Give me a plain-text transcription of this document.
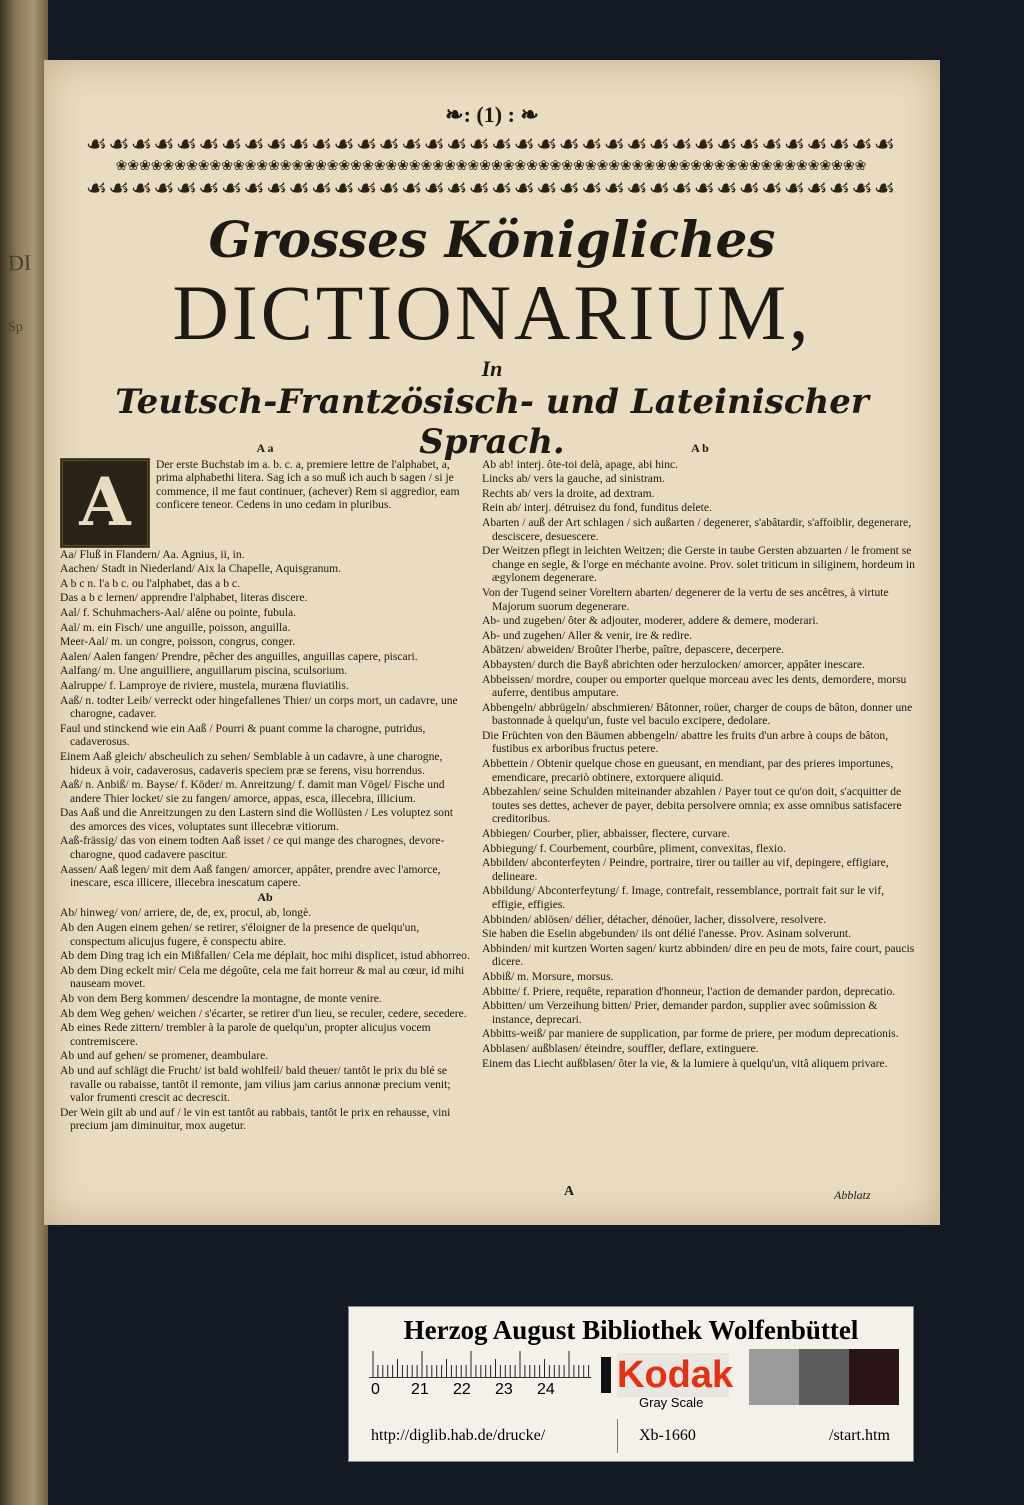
DI
Sp
❧: (1) : ❧
☙☙☙☙☙☙☙☙☙☙☙☙☙☙☙☙☙☙☙☙☙☙☙☙☙☙☙☙☙☙☙☙☙☙☙☙
❀❀❀❀❀❀❀❀❀❀❀❀❀❀❀❀❀❀❀❀❀❀❀❀❀❀❀❀❀❀❀❀❀❀❀❀❀❀❀❀❀❀❀❀❀❀❀❀❀❀❀❀❀❀❀❀❀❀❀❀❀❀❀❀
☙☙☙☙☙☙☙☙☙☙☙☙☙☙☙☙☙☙☙☙☙☙☙☙☙☙☙☙☙☙☙☙☙☙☙☙
Grosses Königliches
DICTIONARIUM,
In
Teutsch-Frantzösisch- und Lateinischer Sprach.
A a
A	Der erste Buchstab im a. b. c. a, premiere lettre de l'alphabet, a, prima alphabethi litera. Sag ich a so muß ich auch b sagen / si je commence, il me faut continuer, (achever) Rem si aggredior, eam conficere teneor. Cedens in uno cedam in pluribus.
Aa/ Fluß in Flandern/ Aa. Agnius, ii, in.
Aachen/ Stadt in Niederland/ Aix la Chapelle, Aquisgranum.
A b c n. l'a b c. ou l'alphabet, das a b c.
Das a b c lernen/ apprendre l'alphabet, literas discere.
Aal/ f. Schuhmachers-Aal/ alêne ou pointe, fubula.
Aal/ m. ein Fisch/ une anguille, poisson, anguilla.
Meer-Aal/ m. un congre, poisson, congrus, conger.
Aalen/ Aalen fangen/ Prendre, pêcher des anguilles, anguillas capere, piscari.
Aalfang/ m. Une anguilliere, anguillarum piscina, sculsorium.
Aalruppe/ f. Lamproye de riviere, mustela, muræna fluviatilis.
Aaß/ n. todter Leib/ verreckt oder hingefallenes Thier/ un corps mort, un cadavre, une charogne, cadaver.
Faul und stinckend wie ein Aaß / Pourri & puant comme la charogne, putridus, cadaverosus.
Einem Aaß gleich/ abscheulich zu sehen/ Semblable à un cadavre, à une charogne, hideux à voir, cadaverosus, cadaveris speciem præ se ferens, visu horrendus.
Aaß/ n. Anbiß/ m. Bayse/ f. Köder/ m. Anreitzung/ f. damit man Vögel/ Fische und andere Thier locket/ sie zu fangen/ amorce, appas, esca, illecebra, illicium.
Das Aaß und die Anreitzungen zu den Lastern sind die Wollüsten / Les voluptez sont des amorces des vices, voluptates sunt illecebræ vitiorum.
Aaß-frässig/ das von einem todten Aaß isset / ce qui mange des charognes, devore-charogne, quod cadavere pascitur.
Aassen/ Aaß legen/ mit dem Aaß fangen/ amorcer, appâter, prendre avec l'amorce, inescare, esca illicere, illecebra inescatum capere.
Ab
Ab/ hinweg/ von/ arriere, de, de, ex, procul, ab, longè.
Ab den Augen einem gehen/ se retirer, s'éloigner de la presence de quelqu'un, conspectum alicujus fugere, è conspectu abire.
Ab dem Ding trag ich ein Mißfallen/ Cela me déplait, hoc mihi displicet, istud abhorreo.
Ab dem Ding eckelt mir/ Cela me dégoûte, cela me fait horreur & mal au cœur, id mihi nauseam movet.
Ab von dem Berg kommen/ descendre la montagne, de monte venire.
Ab dem Weg gehen/ weichen / s'écarter, se retirer d'un lieu, se reculer, cedere, secedere.
Ab eines Rede zittern/ trembler à la parole de quelqu'un, propter alicujus vocem contremiscere.
Ab und auf gehen/ se promener, deambulare.
Ab und auf schlägt die Frucht/ ist bald wohlfeil/ bald theuer/ tantôt le prix du blé se ravalle ou rabaisse, tantôt il remonte, jam vilius jam carius annonæ precium venit; valor frumenti crescit ac decrescit.
Der Wein gilt ab und auf / le vin est tantôt au rabbais, tantôt le prix en rehausse, vini precium jam diminuitur, mox augetur.
A b
Ab ab! interj. ôte-toi delà, apage, abi hinc.
Lincks ab/ vers la gauche, ad sinistram.
Rechts ab/ vers la droite, ad dextram.
Rein ab/ interj. détruisez du fond, funditus delete.
Abarten / auß der Art schlagen / sich außarten / degenerer, s'abâtardir, s'affoiblir, degenerare, desciscere, desuescere.
Der Weitzen pflegt in leichten Weitzen; die Gerste in taube Gersten abzuarten / le froment se change en segle, & l'orge en méchante avoine. Prov. solet triticum in siliginem, hordeum in ægylonem degenerare.
Von der Tugend seiner Voreltern abarten/ degenerer de la vertu de ses ancêtres, à virtute Majorum suorum degenerare.
Ab- und zugeben/ ôter & adjouter, moderer, addere & demere, moderari.
Ab- und zugehen/ Aller & venir, ire & redire.
Abätzen/ abweiden/ Broûter l'herbe, paître, depascere, decerpere.
Abbaysten/ durch die Bayß abrichten oder herzulocken/ amorcer, appâter inescare.
Abbeissen/ mordre, couper ou emporter quelque morceau avec les dents, demordere, morsu auferre, dentibus amputare.
Abbengeln/ abbrügeln/ abschmieren/ Bâtonner, roüer, charger de coups de bâton, donner une bastonnade à quelqu'un, fuste vel baculo excipere, dedolare.
Die Früchten von den Bäumen abbengeln/ abattre les fruits d'un arbre à coups de bâton, fustibus ex arboribus fructus petere.
Abbettein / Obtenir quelque chose en gueusant, en mendiant, par des prieres importunes, emendicare, precariò obtinere, extorquere aliquid.
Abbezahlen/ seine Schulden miteinander abzahlen / Payer tout ce qu'on doit, s'acquitter de toutes ses dettes, achever de payer, debita persolvere omnia; ex asse omnibus satisfacere creditoribus.
Abbiegen/ Courber, plier, abbaisser, flectere, curvare.
Abbiegung/ f. Courbement, courbûre, pliment, convexitas, flexio.
Abbilden/ abconterfeyten / Peindre, portraire, tirer ou tailler au vif, depingere, effigiare, delineare.
Abbildung/ Abconterfeytung/ f. Image, contrefait, ressemblance, portrait fait sur le vif, effigie, effigies.
Abbinden/ ablösen/ délier, détacher, dénoüer, lacher, dissolvere, resolvere.
Sie haben die Eselin abgebunden/ ils ont délié l'anesse. Prov. Asinam solverunt.
Abbinden/ mit kurtzen Worten sagen/ kurtz abbinden/ dire en peu de mots, faire court, paucis dicere.
Abbiß/ m. Morsure, morsus.
Abbitte/ f. Priere, requête, reparation d'honneur, l'action de demander pardon, deprecatio.
Abbitten/ um Verzeihung bitten/ Prier, demander pardon, supplier avec soûmission & instance, deprecari.
Abbitts-weiß/ par maniere de supplication, par forme de priere, per modum deprecationis.
Abblasen/ außblasen/ éteindre, souffler, deflare, extinguere.
Einem das Liecht außblasen/ ôter la vie, & la lumiere à quelqu'un, vitâ aliquem privare.
A	Abblatz
Herzog August Bibliothek Wolfenbüttel
0 21 22 23 24 Kodak
Gray Scale
http://diglib.hab.de/drucke/	Xb-1660	/start.htm
